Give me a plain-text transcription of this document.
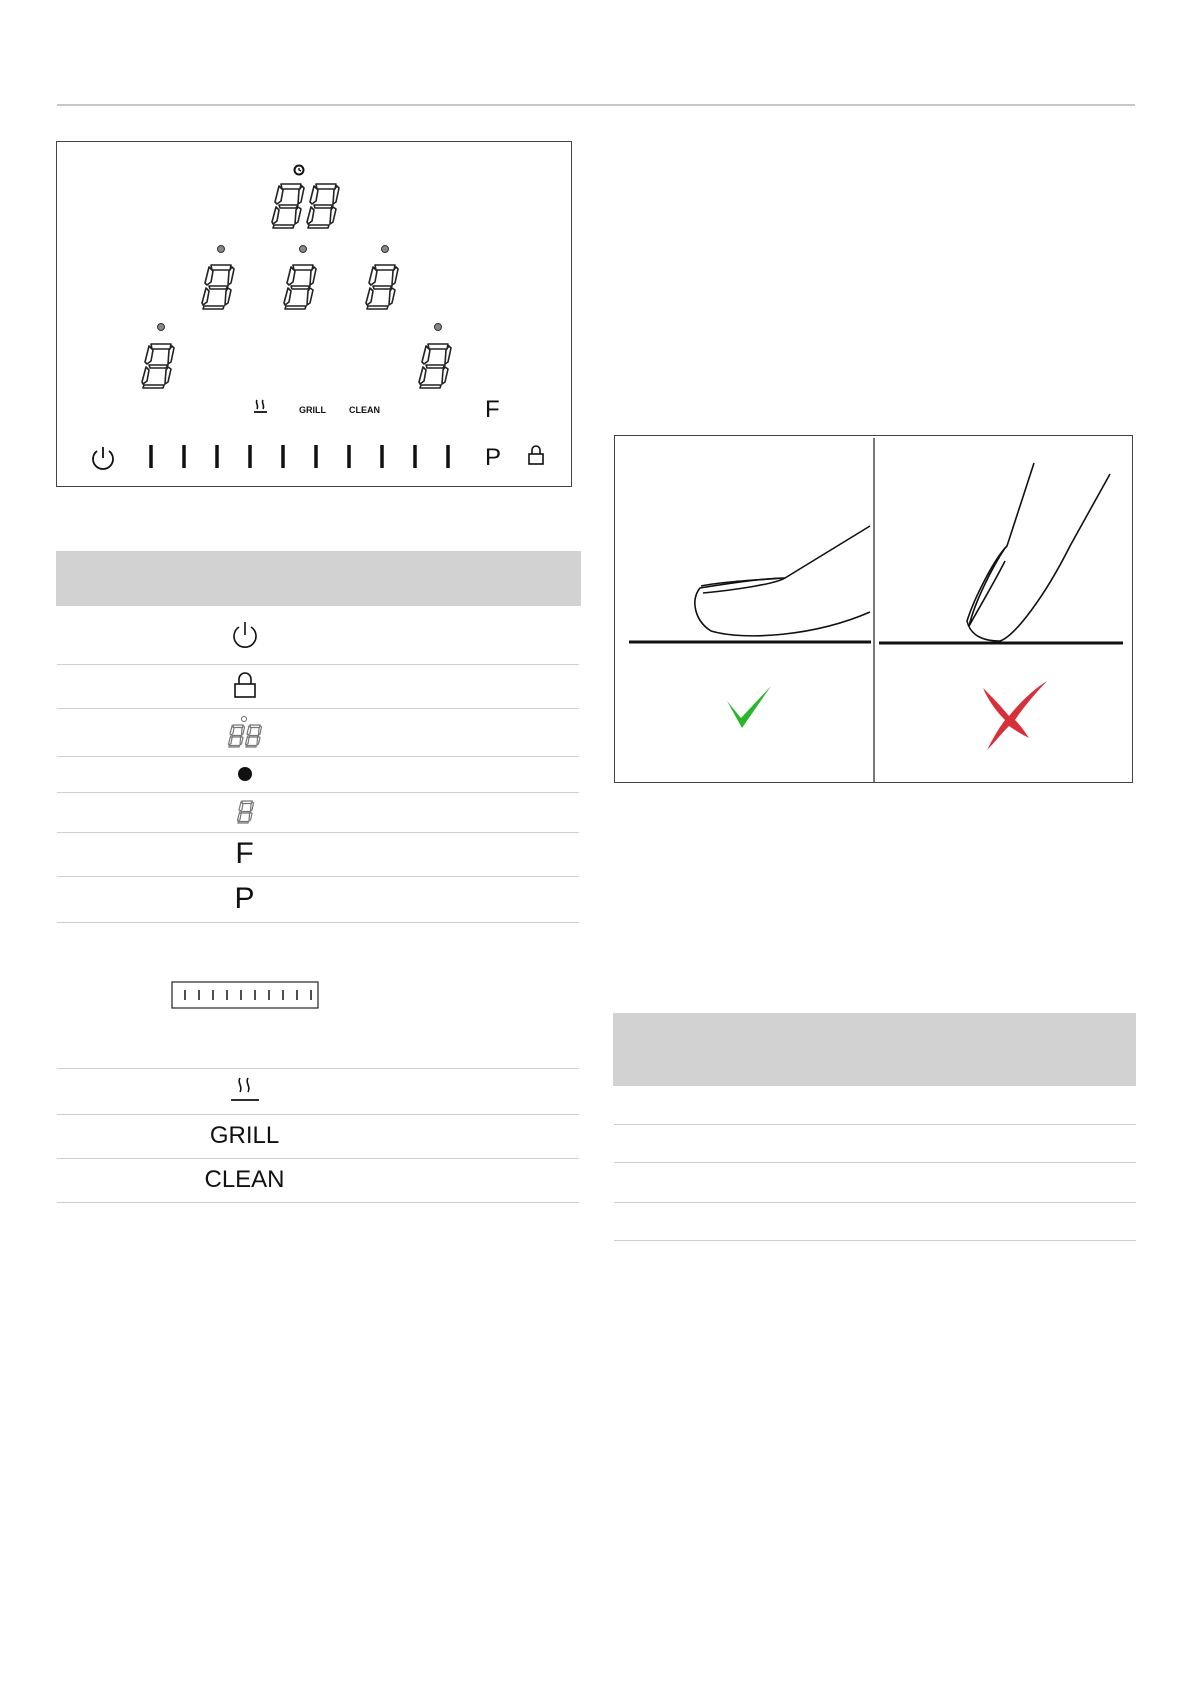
GRILL	CLEAN	F
P
F
P
GRILL
CLEAN
